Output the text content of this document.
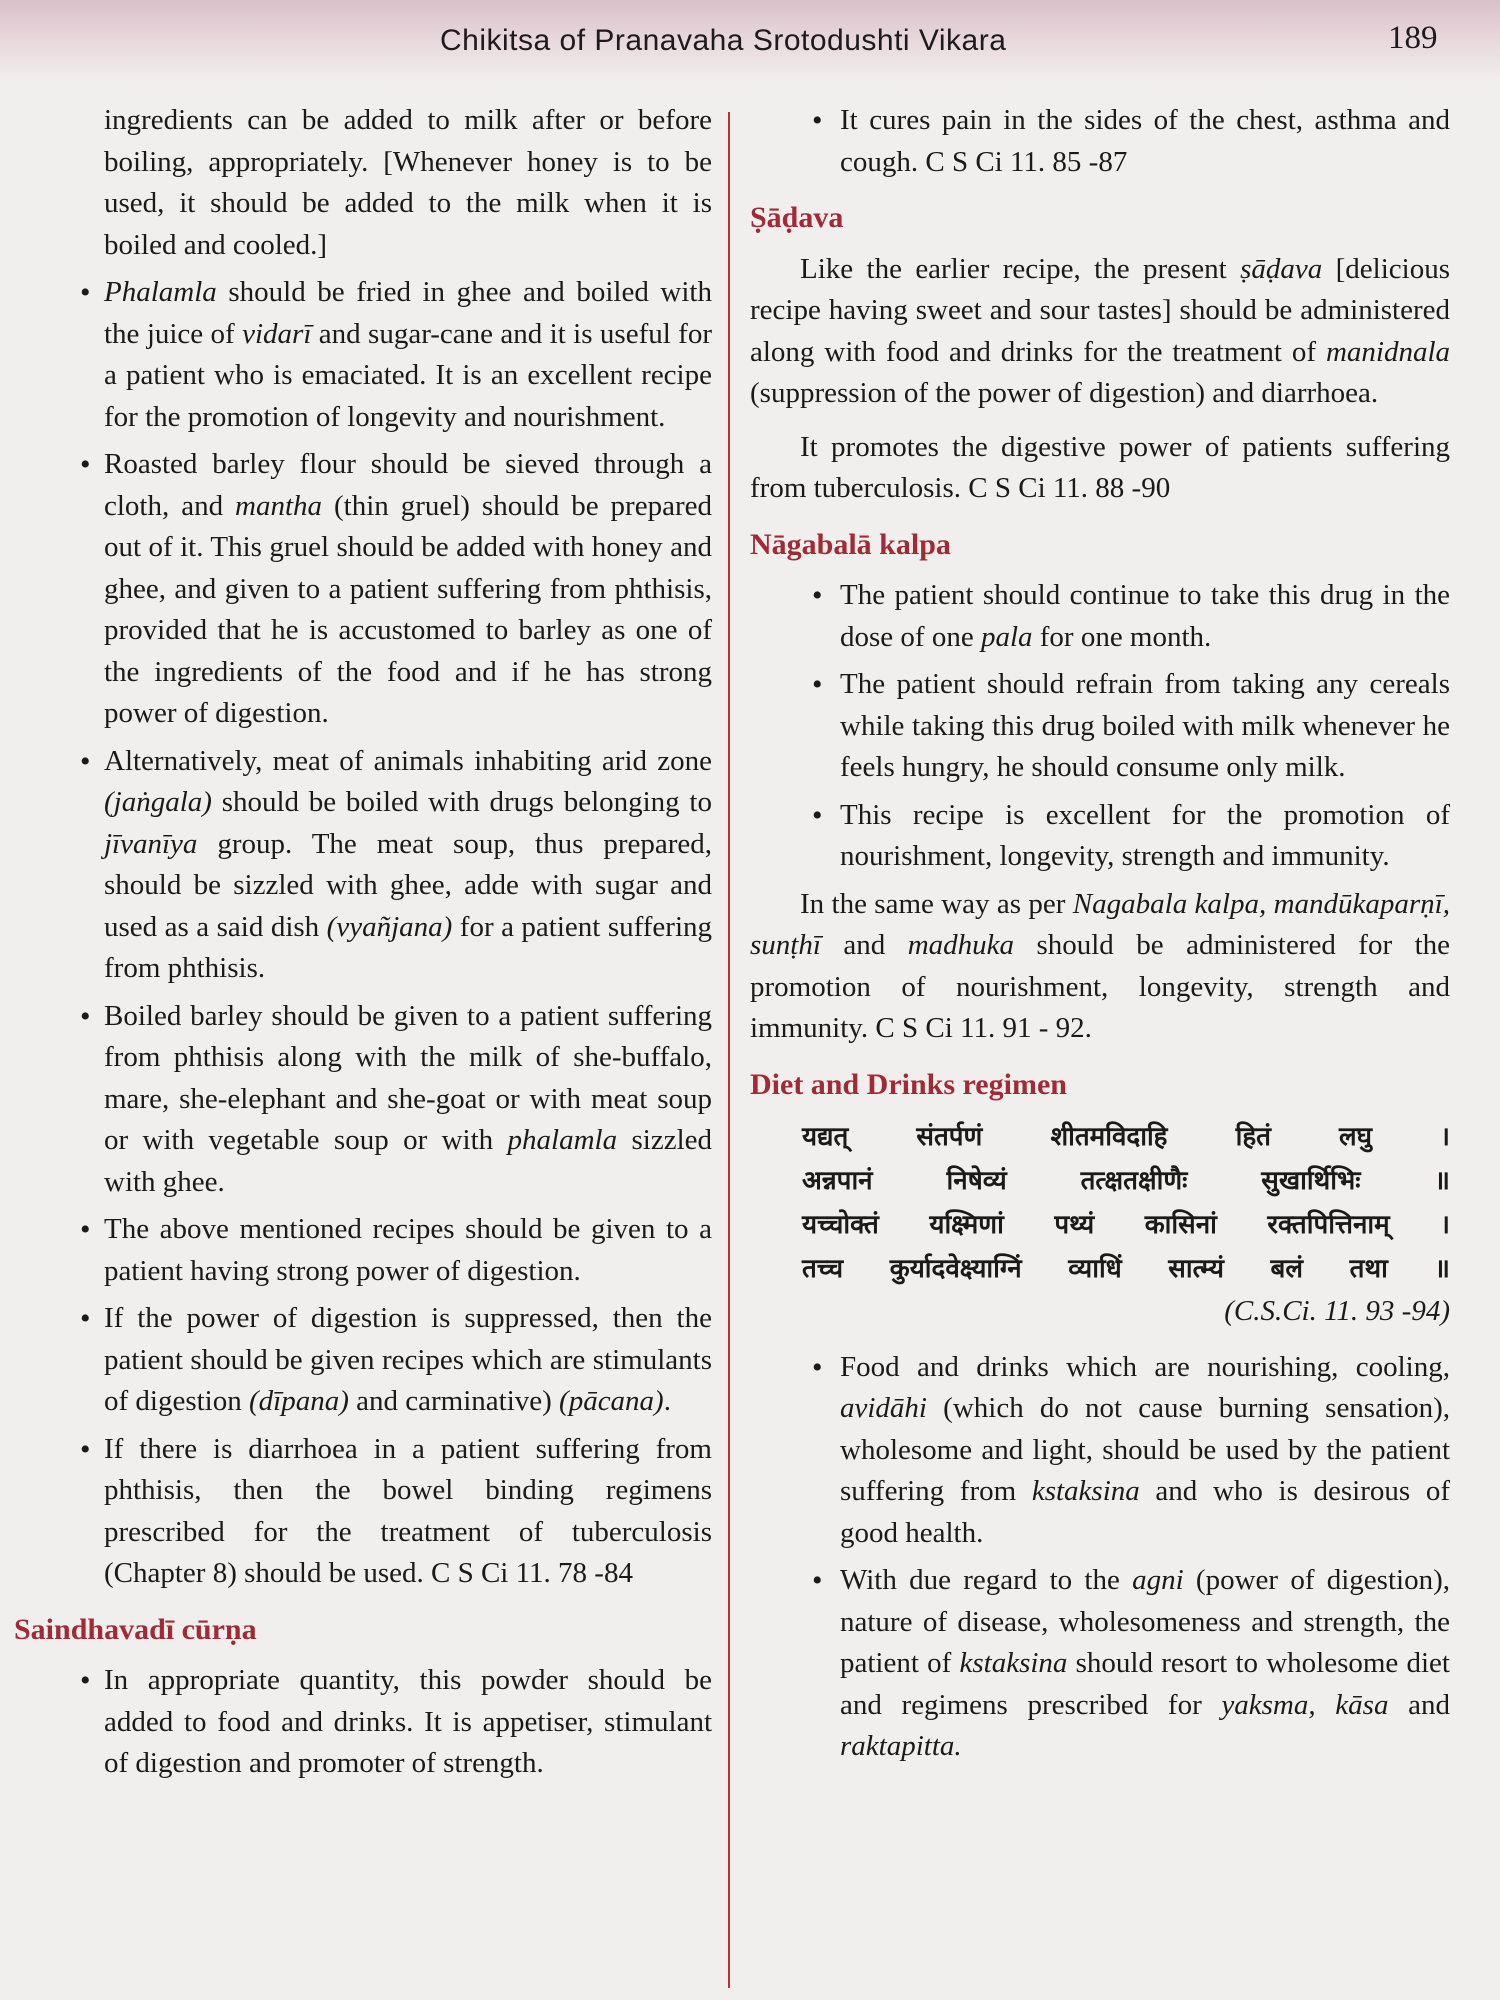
Chikitsa of Pranavaha Srotodushti Vikara	189
ingredients can be added to milk after or before boiling, appropriately. [Whenever honey is to be used, it should be added to the milk when it is boiled and cooled.]
• Phalamla should be fried in ghee and boiled with the juice of vidarī and sugar-cane and it is useful for a patient who is emaciated. It is an excellent recipe for the promotion of longevity and nourishment.
• Roasted barley flour should be sieved through a cloth, and mantha (thin gruel) should be prepared out of it. This gruel should be added with honey and ghee, and given to a patient suffering from phthisis, provided that he is accustomed to barley as one of the ingredients of the food and if he has strong power of digestion.
• Alternatively, meat of animals inhabiting arid zone (jaṅgala) should be boiled with drugs belonging to jīvanīya group. The meat soup, thus prepared, should be sizzled with ghee, adde with sugar and used as a said dish (vyañjana) for a patient suffering from phthisis.
• Boiled barley should be given to a patient suffering from phthisis along with the milk of she-buffalo, mare, she-elephant and she-goat or with meat soup or with vegetable soup or with phalamla sizzled with ghee.
• The above mentioned recipes should be given to a patient having strong power of digestion.
• If the power of digestion is suppressed, then the patient should be given recipes which are stimulants of digestion (dīpana) and carminative) (pācana).
• If there is diarrhoea in a patient suffering from phthisis, then the bowel binding regimens prescribed for the treatment of tuberculosis (Chapter 8) should be used. C S Ci 11. 78 -84
Saindhavadī cūrṇa
• In appropriate quantity, this powder should be added to food and drinks. It is appetiser, stimulant of digestion and promoter of strength.
• It cures pain in the sides of the chest, asthma and cough. C S Ci 11. 85 -87
Ṣāḍava

Like the earlier recipe, the present ṣāḍava [delicious recipe having sweet and sour tastes] should be administered along with food and drinks for the treatment of manidnala (suppression of the power of digestion) and diarrhoea.

It promotes the digestive power of patients suffering from tuberculosis. C S Ci 11. 88 -90

Nāgabalā kalpa
• The patient should continue to take this drug in the dose of one pala for one month.
• The patient should refrain from taking any cereals while taking this drug boiled with milk whenever he feels hungry, he should consume only milk.
• This recipe is excellent for the promotion of nourishment, longevity, strength and immunity.

In the same way as per Nagabala kalpa, mandūkaparṇī, sunṭhī and madhuka should be administered for the promotion of nourishment, longevity, strength and immunity. C S Ci 11. 91 - 92.

Diet and Drinks regimen
यद्यत् संतर्पणं शीतमविदाहि हितं लघु ।
अन्नपानं निषेव्यं तत्क्षतक्षीणैः सुखार्थिभिः ॥
यच्चोक्तं यक्ष्मिणां पथ्यं कासिनां रक्तपित्तिनाम् ।
तच्च कुर्यादवेक्ष्याग्निं व्याधिं सात्म्यं बलं तथा ॥
(C.S.Ci. 11. 93 -94)
• Food and drinks which are nourishing, cooling, avidāhi (which do not cause burning sensation), wholesome and light, should be used by the patient suffering from kstaksina and who is desirous of good health.
• With due regard to the agni (power of digestion), nature of disease, wholesomeness and strength, the patient of kstaksina should resort to wholesome diet and regimens prescribed for yaksma, kāsa and raktapitta.
